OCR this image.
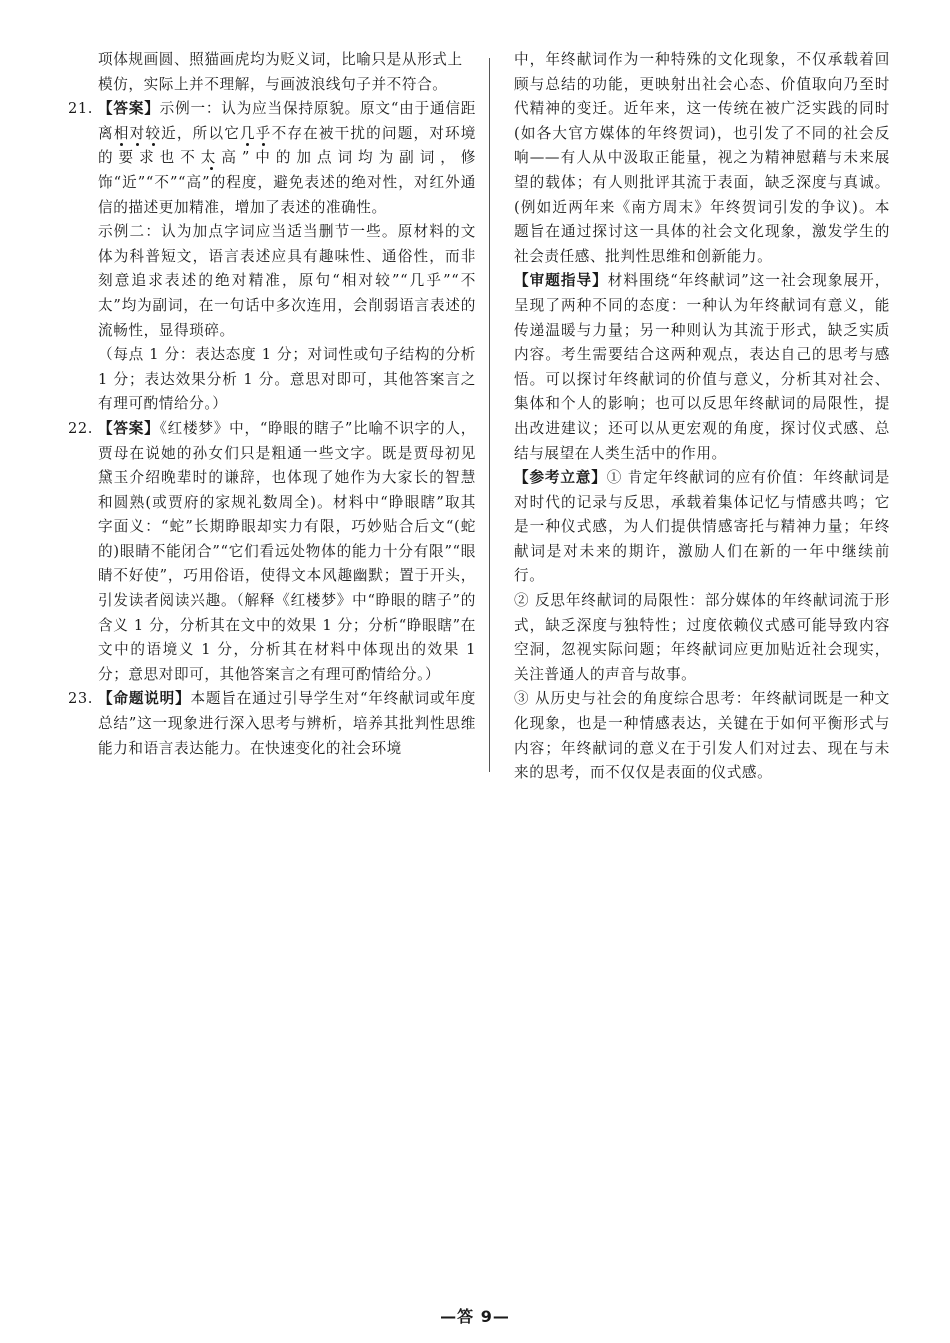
项体规画圆、照猫画虎均为贬义词，比喻只是从形式上

模仿，实际上并不理解，与画波浪线句子并不符合。

21. 【答案】示例一：认为应当保持原貌。原文“由于通信距离相对较近，所以它几乎不存在被干扰的问题，对环境的要求也不太高”中的加点词均为副词，修饰“近”“不”“高”的程度，避免表述的绝对性，对红外通信的描述更加精准，增加了表述的准确性。

示例二：认为加点字词应当适当删节一些。原材料的文体为科普短文，语言表述应具有趣味性、通俗性，而非刻意追求表述的绝对精准，原句“相对较”“几乎”“不太”均为副词，在一句话中多次连用，会削弱语言表述的流畅性，显得琐碎。

（每点 1 分：表达态度 1 分；对词性或句子结构的分析 1 分；表达效果分析 1 分。意思对即可，其他答案言之有理可酌情给分。）

22. 【答案】《红楼梦》中，“睁眼的瞎子”比喻不识字的人，贾母在说她的孙女们只是粗通一些文字。既是贾母初见黛玉介绍晚辈时的谦辞，也体现了她作为大家长的智慧和圆熟(或贾府的家规礼数周全)。材料中“睁眼瞎”取其字面义：“蛇”长期睁眼却实力有限，巧妙贴合后文“(蛇的)眼睛不能闭合”“它们看远处物体的能力十分有限”“眼睛不好使”，巧用俗语，使得文本风趣幽默；置于开头，引发读者阅读兴趣。（解释《红楼梦》中“睁眼的瞎子”的含义 1 分，分析其在文中的效果 1 分；分析“睁眼瞎”在文中的语境义 1 分，分析其在材料中体现出的效果 1 分；意思对即可，其他答案言之有理可酌情给分。）

23. 【命题说明】本题旨在通过引导学生对“年终献词或年度总结”这一现象进行深入思考与辨析，培养其批判性思维能力和语言表达能力。在快速变化的社会环境

中，年终献词作为一种特殊的文化现象，不仅承载着回顾与总结的功能，更映射出社会心态、价值取向乃至时代精神的变迁。近年来，这一传统在被广泛实践的同时(如各大官方媒体的年终贺词)，也引发了不同的社会反响——有人从中汲取正能量，视之为精神慰藉与未来展望的载体；有人则批评其流于表面，缺乏深度与真诚。(例如近两年来《南方周末》年终贺词引发的争议)。本题旨在通过探讨这一具体的社会文化现象，激发学生的社会责任感、批判性思维和创新能力。

【审题指导】材料围绕“年终献词”这一社会现象展开，呈现了两种不同的态度：一种认为年终献词有意义，能传递温暖与力量；另一种则认为其流于形式，缺乏实质内容。考生需要结合这两种观点，表达自己的思考与感悟。可以探讨年终献词的价值与意义，分析其对社会、集体和个人的影响；也可以反思年终献词的局限性，提出改进建议；还可以从更宏观的角度，探讨仪式感、总结与展望在人类生活中的作用。

【参考立意】① 肯定年终献词的应有价值：年终献词是对时代的记录与反思，承载着集体记忆与情感共鸣；它是一种仪式感，为人们提供情感寄托与精神力量；年终献词是对未来的期许，激励人们在新的一年中继续前行。

② 反思年终献词的局限性：部分媒体的年终献词流于形式，缺乏深度与独特性；过度依赖仪式感可能导致内容空洞，忽视实际问题；年终献词应更加贴近社会现实，关注普通人的声音与故事。

③ 从历史与社会的角度综合思考：年终献词既是一种文化现象，也是一种情感表达，关键在于如何平衡形式与内容；年终献词的意义在于引发人们对过去、现在与未来的思考，而不仅仅是表面的仪式感。

—答 9—
